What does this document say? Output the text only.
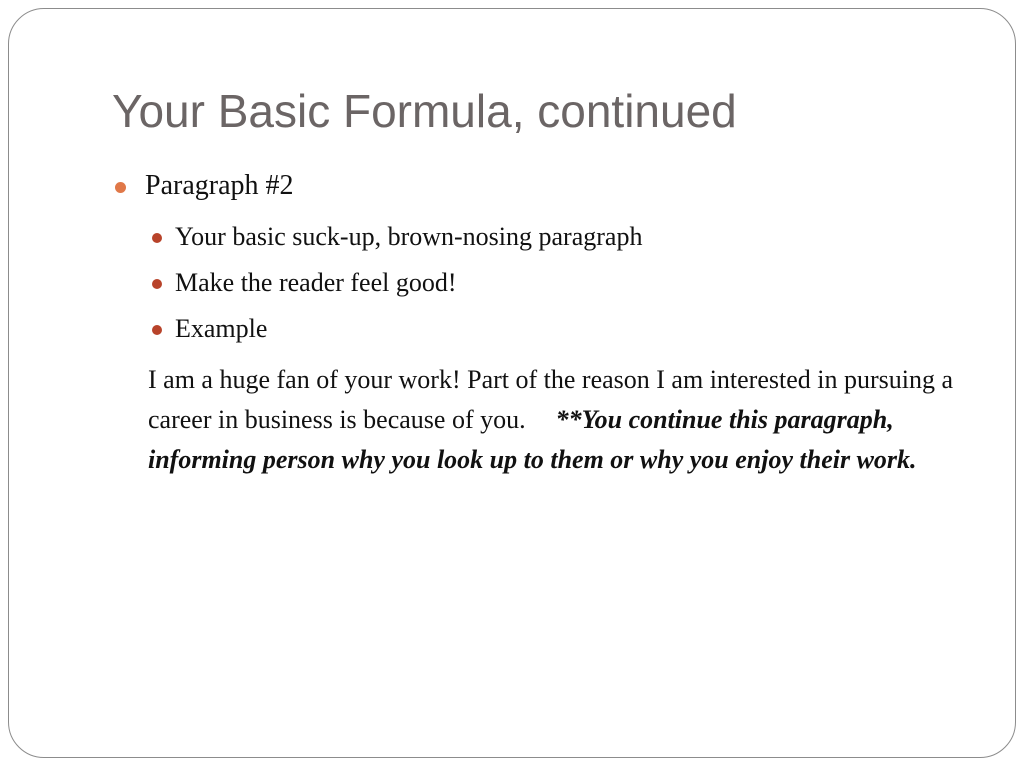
Your Basic Formula, continued
Paragraph #2
Your basic suck-up, brown-nosing paragraph
Make the reader feel good!
Example

I am a huge fan of your work! Part of the reason I am interested in pursuing a career in business is because of you. **You continue this paragraph, informing person why you look up to them or why you enjoy their work.
